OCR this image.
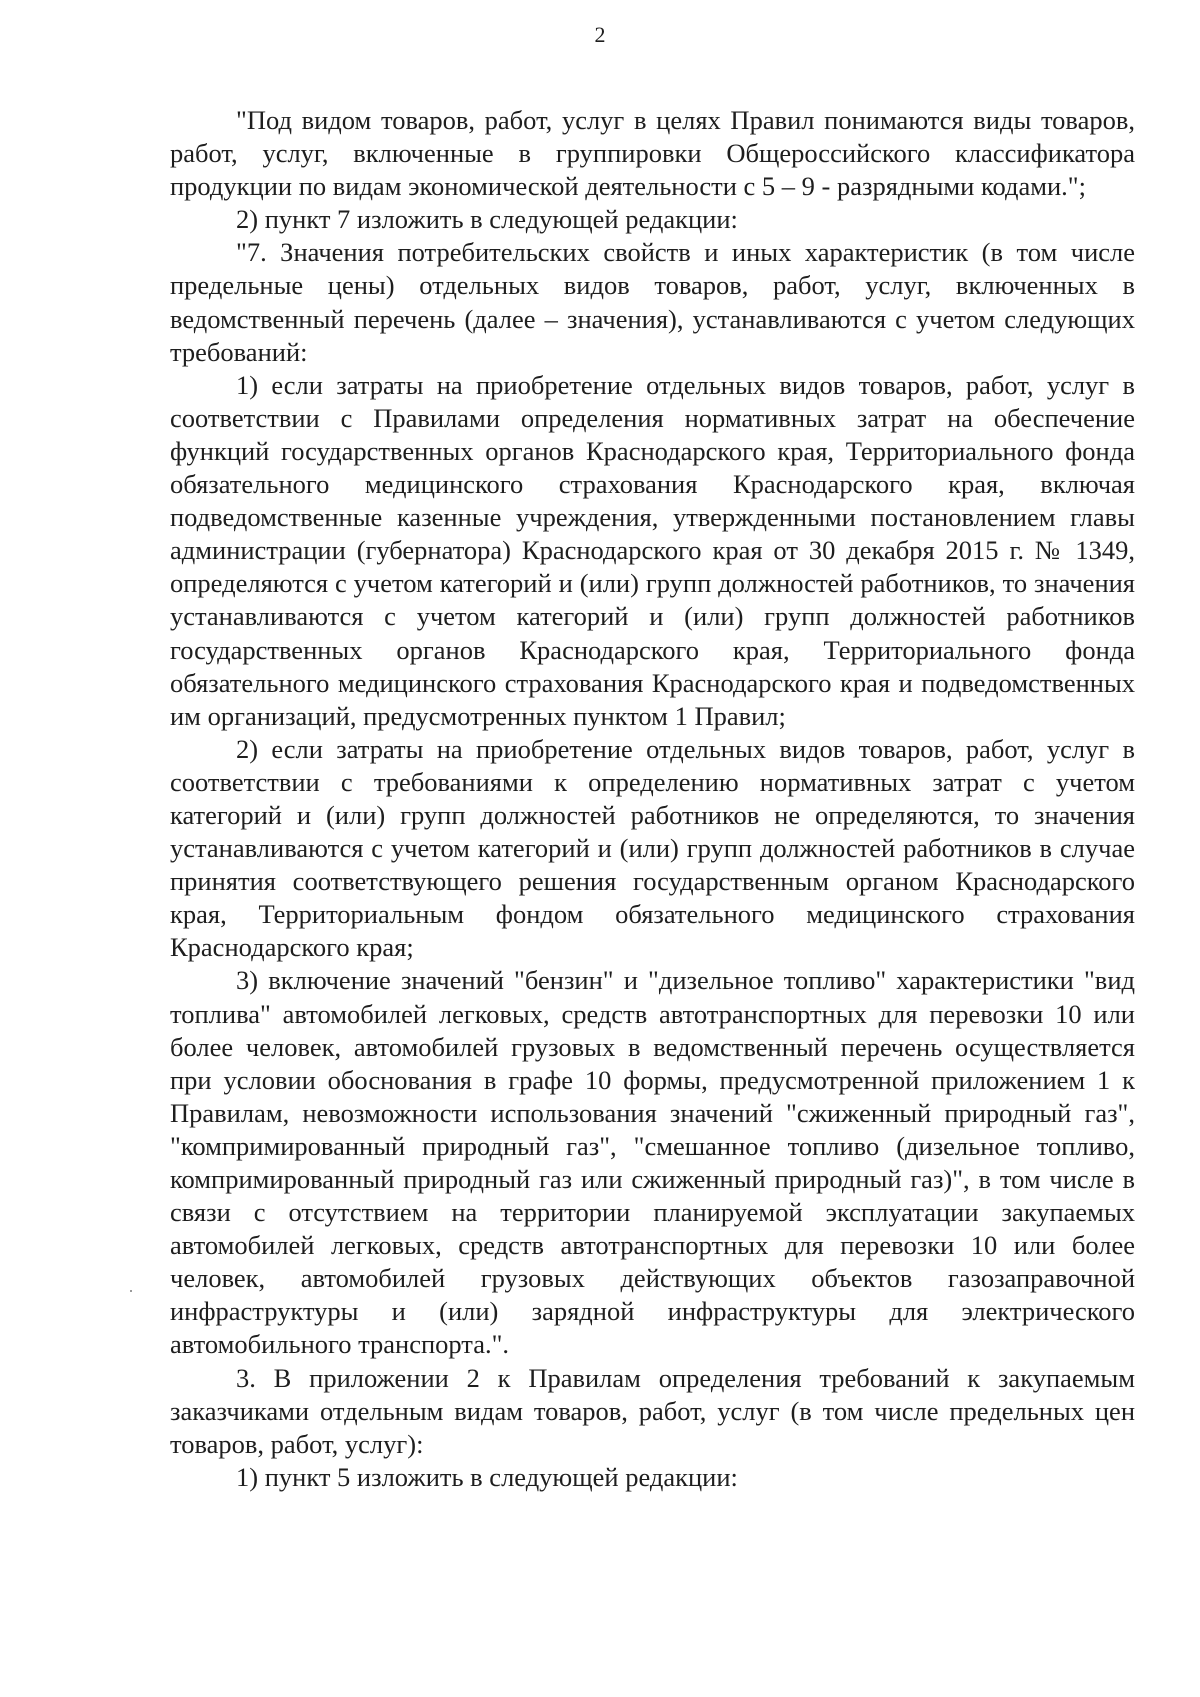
2

"Под видом товаров, работ, услуг в целях Правил понимаются виды товаров, работ, услуг, включенные в группировки Общероссийского классификатора продукции по видам экономической деятельности с 5 – 9 - разрядными кодами.";

2) пункт 7 изложить в следующей редакции:

"7. Значения потребительских свойств и иных характеристик (в том числе предельные цены) отдельных видов товаров, работ, услуг, включенных в ведомственный перечень (далее – значения), устанавливаются с учетом следующих требований:

1) если затраты на приобретение отдельных видов товаров, работ, услуг в соответствии с Правилами определения нормативных затрат на обеспечение функций государственных органов Краснодарского края, Территориального фонда обязательного медицинского страхования Краснодарского края, включая подведомственные казенные учреждения, утвержденными постановлением главы администрации (губернатора) Краснодарского края от 30 декабря 2015 г. № 1349, определяются с учетом категорий и (или) групп должностей работников, то значения устанавливаются с учетом категорий и (или) групп должностей работников государственных органов Краснодарского края, Территориального фонда обязательного медицинского страхования Краснодарского края и подведомственных им организаций, предусмотренных пунктом 1 Правил;

2) если затраты на приобретение отдельных видов товаров, работ, услуг в соответствии с требованиями к определению нормативных затрат с учетом категорий и (или) групп должностей работников не определяются, то значения устанавливаются с учетом категорий и (или) групп должностей работников в случае принятия соответствующего решения государственным органом Краснодарского края, Территориальным фондом обязательного медицинского страхования Краснодарского края;

3) включение значений "бензин" и "дизельное топливо" характеристики "вид топлива" автомобилей легковых, средств автотранспортных для перевозки 10 или более человек, автомобилей грузовых в ведомственный перечень осуществляется при условии обоснования в графе 10 формы, предусмотренной приложением 1 к Правилам, невозможности использования значений "сжиженный природный газ", "компримированный природный газ", "смешанное топливо (дизельное топливо, компримированный природный газ или сжиженный природный газ)", в том числе в связи с отсутствием на территории планируемой эксплуатации закупаемых автомобилей легковых, средств автотранспортных для перевозки 10 или более человек, автомобилей грузовых действующих объектов газозаправочной инфраструктуры и (или) зарядной инфраструктуры для электрического автомобильного транспорта.".

3. В приложении 2 к Правилам определения требований к закупаемым заказчиками отдельным видам товаров, работ, услуг (в том числе предельных цен товаров, работ, услуг):

1) пункт 5 изложить в следующей редакции:
